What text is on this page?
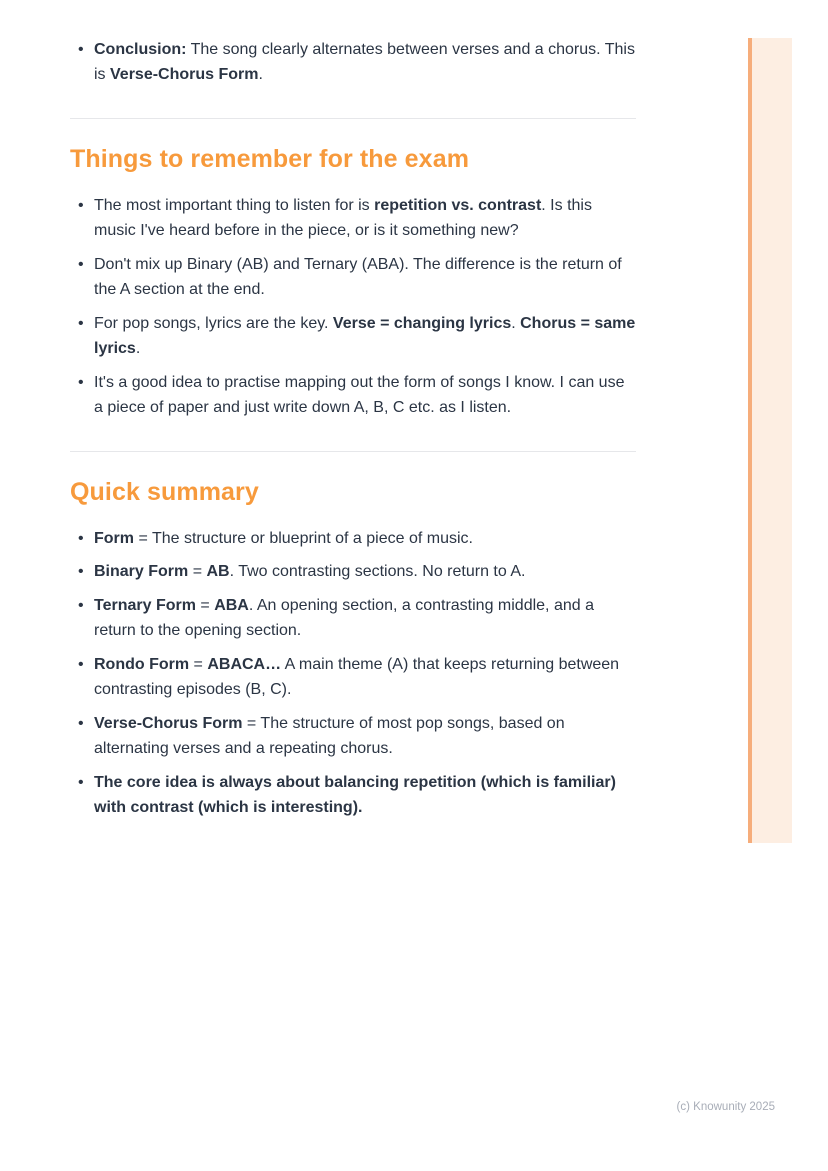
• Conclusion: The song clearly alternates between verses and a chorus. This is Verse-Chorus Form.
Things to remember for the exam
• The most important thing to listen for is repetition vs. contrast. Is this music I've heard before in the piece, or is it something new?
• Don't mix up Binary (AB) and Ternary (ABA). The difference is the return of the A section at the end.
• For pop songs, lyrics are the key. Verse = changing lyrics. Chorus = same lyrics.
• It's a good idea to practise mapping out the form of songs I know. I can use a piece of paper and just write down A, B, C etc. as I listen.
Quick summary
• Form = The structure or blueprint of a piece of music.
• Binary Form = AB. Two contrasting sections. No return to A.
• Ternary Form = ABA. An opening section, a contrasting middle, and a return to the opening section.
• Rondo Form = ABACA… A main theme (A) that keeps returning between contrasting episodes (B, C).
• Verse-Chorus Form = The structure of most pop songs, based on alternating verses and a repeating chorus.
• The core idea is always about balancing repetition (which is familiar) with contrast (which is interesting).
(c) Knowunity 2025
